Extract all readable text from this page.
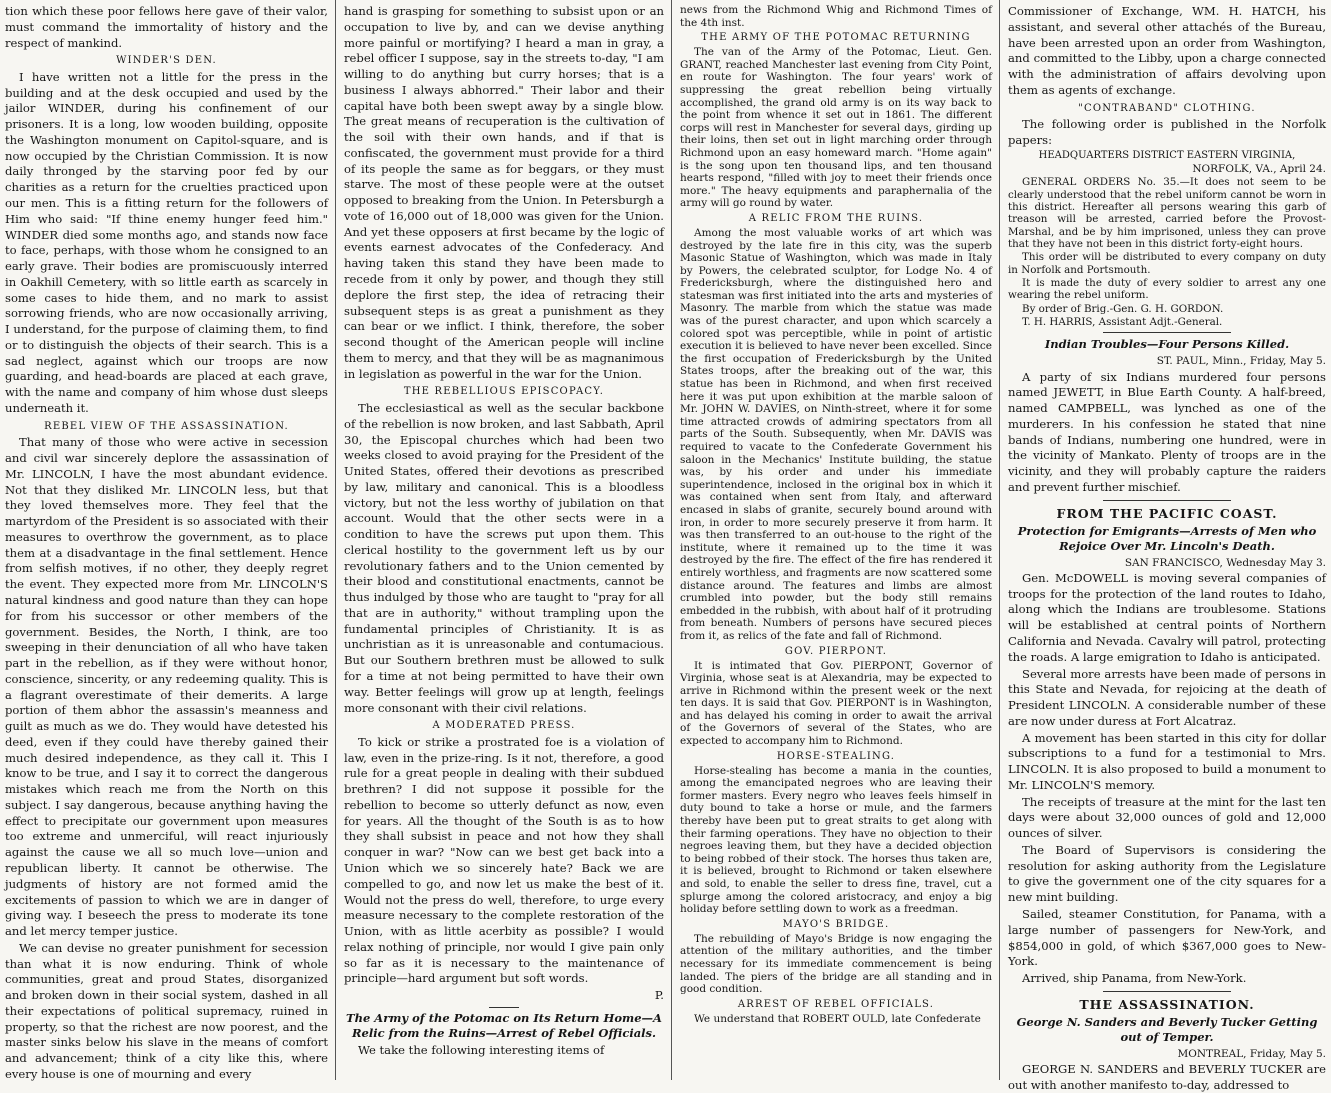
tion which these poor fellows here gave of their valor, must command the immortality of history and the respect of mankind.

WINDER'S DEN.

I have written not a little for the press in the building and at the desk occupied and used by the jailor WINDER, during his confinement of our prisoners. It is a long, low wooden building, opposite the Washington monument on Capitol-square, and is now occupied by the Christian Commission. It is now daily thronged by the starving poor fed by our charities as a return for the cruelties practiced upon our men. This is a fitting return for the followers of Him who said: "If thine enemy hunger feed him." WINDER died some months ago, and stands now face to face, perhaps, with those whom he consigned to an early grave. Their bodies are promiscuously interred in Oakhill Cemetery, with so little earth as scarcely in some cases to hide them, and no mark to assist sorrowing friends, who are now occasionally arriving, I understand, for the purpose of claiming them, to find or to distinguish the objects of their search. This is a sad neglect, against which our troops are now guarding, and head-boards are placed at each grave, with the name and company of him whose dust sleeps underneath it.

REBEL VIEW OF THE ASSASSINATION.

That many of those who were active in secession and civil war sincerely deplore the assassination of Mr. LINCOLN, I have the most abundant evidence. Not that they disliked Mr. LINCOLN less, but that they loved themselves more. They feel that the martyrdom of the President is so associated with their measures to overthrow the government, as to place them at a disadvantage in the final settlement. Hence from selfish motives, if no other, they deeply regret the event. They expected more from Mr. LINCOLN'S natural kindness and good nature than they can hope for from his successor or other members of the government. Besides, the North, I think, are too sweeping in their denunciation of all who have taken part in the rebellion, as if they were without honor, conscience, sincerity, or any redeeming quality. This is a flagrant overestimate of their demerits. A large portion of them abhor the assassin's meanness and guilt as much as we do. They would have detested his deed, even if they could have thereby gained their much desired independence, as they call it. This I know to be true, and I say it to correct the dangerous mistakes which reach me from the North on this subject. I say dangerous, because anything having the effect to precipitate our government upon measures too extreme and unmerciful, will react injuriously against the cause we all so much love—union and republican liberty. It cannot be otherwise. The judgments of history are not formed amid the excitements of passion to which we are in danger of giving way. I beseech the press to moderate its tone and let mercy temper justice.

We can devise no greater punishment for secession than what it is now enduring. Think of whole communities, great and proud States, disorganized and broken down in their social system, dashed in all their expectations of political supremacy, ruined in property, so that the richest are now poorest, and the master sinks below his slave in the means of comfort and advancement; think of a city like this, where every house is one of mourning and every

hand is grasping for something to subsist upon or an occupation to live by, and can we devise anything more painful or mortifying? I heard a man in gray, a rebel officer I suppose, say in the streets to-day, "I am willing to do anything but curry horses; that is a business I always abhorred." Their labor and their capital have both been swept away by a single blow. The great means of recuperation is the cultivation of the soil with their own hands, and if that is confiscated, the government must provide for a third of its people the same as for beggars, or they must starve. The most of these people were at the outset opposed to breaking from the Union. In Petersburgh a vote of 16,000 out of 18,000 was given for the Union. And yet these opposers at first became by the logic of events earnest advocates of the Confederacy. And having taken this stand they have been made to recede from it only by power, and though they still deplore the first step, the idea of retracing their subsequent steps is as great a punishment as they can bear or we inflict. I think, therefore, the sober second thought of the American people will incline them to mercy, and that they will be as magnanimous in legislation as powerful in the war for the Union.

THE REBELLIOUS EPISCOPACY.

The ecclesiastical as well as the secular backbone of the rebellion is now broken, and last Sabbath, April 30, the Episcopal churches which had been two weeks closed to avoid praying for the President of the United States, offered their devotions as prescribed by law, military and canonical. This is a bloodless victory, but not the less worthy of jubilation on that account. Would that the other sects were in a condition to have the screws put upon them. This clerical hostility to the government left us by our revolutionary fathers and to the Union cemented by their blood and constitutional enactments, cannot be thus indulged by those who are taught to "pray for all that are in authority," without trampling upon the fundamental principles of Christianity. It is as unchristian as it is unreasonable and contumacious. But our Southern brethren must be allowed to sulk for a time at not being permitted to have their own way. Better feelings will grow up at length, feelings more consonant with their civil relations.

A MODERATED PRESS.

To kick or strike a prostrated foe is a violation of law, even in the prize-ring. Is it not, therefore, a good rule for a great people in dealing with their subdued brethren? I did not suppose it possible for the rebellion to become so utterly defunct as now, even for years. All the thought of the South is as to how they shall subsist in peace and not how they shall conquer in war? "Now can we best get back into a Union which we so sincerely hate? Back we are compelled to go, and now let us make the best of it. Would not the press do well, therefore, to urge every measure necessary to the complete restoration of the Union, with as little acerbity as possible? I would relax nothing of principle, nor would I give pain only so far as it is necessary to the maintenance of principle—hard argument but soft words.

P.

The Army of the Potomac on Its Return Home—A Relic from the Ruins—Arrest of Rebel Officials.

We take the following interesting items of

news from the Richmond Whig and Richmond Times of the 4th inst.

THE ARMY OF THE POTOMAC RETURNING

The van of the Army of the Potomac, Lieut. Gen. GRANT, reached Manchester last evening from City Point, en route for Washington. The four years' work of suppressing the great rebellion being virtually accomplished, the grand old army is on its way back to the point from whence it set out in 1861. The different corps will rest in Manchester for several days, girding up their loins, then set out in light marching order through Richmond upon an easy homeward march. "Home again" is the song upon ten thousand lips, and ten thousand hearts respond, "filled with joy to meet their friends once more." The heavy equipments and paraphernalia of the army will go round by water.

A RELIC FROM THE RUINS.

Among the most valuable works of art which was destroyed by the late fire in this city, was the superb Masonic Statue of Washington, which was made in Italy by Powers, the celebrated sculptor, for Lodge No. 4 of Fredericksburgh, where the distinguished hero and statesman was first initiated into the arts and mysteries of Masonry. The marble from which the statue was made was of the purest character, and upon which scarcely a colored spot was perceptible, while in point of artistic execution it is believed to have never been excelled. Since the first occupation of Fredericksburgh by the United States troops, after the breaking out of the war, this statue has been in Richmond, and when first received here it was put upon exhibition at the marble saloon of Mr. JOHN W. DAVIES, on Ninth-street, where it for some time attracted crowds of admiring spectators from all parts of the South. Subsequently, when Mr. DAVIS was required to vacate to the Confederate Government his saloon in the Mechanics' Institute building, the statue was, by his order and under his immediate superintendence, inclosed in the original box in which it was contained when sent from Italy, and afterward encased in slabs of granite, securely bound around with iron, in order to more securely preserve it from harm. It was then transferred to an out-house to the right of the institute, where it remained up to the time it was destroyed by the fire. The effect of the fire has rendered it entirely worthless, and fragments are now scattered some distance around. The features and limbs are almost crumbled into powder, but the body still remains embedded in the rubbish, with about half of it protruding from beneath. Numbers of persons have secured pieces from it, as relics of the fate and fall of Richmond.

GOV. PIERPONT.

It is intimated that Gov. PIERPONT, Governor of Virginia, whose seat is at Alexandria, may be expected to arrive in Richmond within the present week or the next ten days. It is said that Gov. PIERPONT is in Washington, and has delayed his coming in order to await the arrival of the Governors of several of the States, who are expected to accompany him to Richmond.

HORSE-STEALING.

Horse-stealing has become a mania in the counties, among the emancipated negroes who are leaving their former masters. Every negro who leaves feels himself in duty bound to take a horse or mule, and the farmers thereby have been put to great straits to get along with their farming operations. They have no objection to their negroes leaving them, but they have a decided objection to being robbed of their stock. The horses thus taken are, it is believed, brought to Richmond or taken elsewhere and sold, to enable the seller to dress fine, travel, cut a splurge among the colored aristocracy, and enjoy a big holiday before settling down to work as a freedman.

MAYO'S BRIDGE.

The rebuilding of Mayo's Bridge is now engaging the attention of the military authorities, and the timber necessary for its immediate commencement is being landed. The piers of the bridge are all standing and in good condition.

ARREST OF REBEL OFFICIALS.

We understand that ROBERT OULD, late Confederate

Commissioner of Exchange, WM. H. HATCH, his assistant, and several other attachés of the Bureau, have been arrested upon an order from Washington, and committed to the Libby, upon a charge connected with the administration of affairs devolving upon them as agents of exchange.

"CONTRABAND" CLOTHING.

The following order is published in the Norfolk papers:

HEADQUARTERS DISTRICT EASTERN VIRGINIA,

NORFOLK, VA., April 24.

GENERAL ORDERS No. 35.—It does not seem to be clearly understood that the rebel uniform cannot be worn in this district. Hereafter all persons wearing this garb of treason will be arrested, carried before the Provost-Marshal, and be by him imprisoned, unless they can prove that they have not been in this district forty-eight hours.

This order will be distributed to every company on duty in Norfolk and Portsmouth.

It is made the duty of every soldier to arrest any one wearing the rebel uniform.

By order of Brig.-Gen. G. H. GORDON.

T. H. HARRIS, Assistant Adjt.-General.

Indian Troubles—Four Persons Killed.

ST. PAUL, Minn., Friday, May 5.

A party of six Indians murdered four persons named JEWETT, in Blue Earth County. A half-breed, named CAMPBELL, was lynched as one of the murderers. In his confession he stated that nine bands of Indians, numbering one hundred, were in the vicinity of Mankato. Plenty of troops are in the vicinity, and they will probably capture the raiders and prevent further mischief.

FROM THE PACIFIC COAST.
Protection for Emigrants—Arrests of Men who Rejoice Over Mr. Lincoln's Death.

SAN FRANCISCO, Wednesday May 3.

Gen. McDOWELL is moving several companies of troops for the protection of the land routes to Idaho, along which the Indians are troublesome. Stations will be established at central points of Northern California and Nevada. Cavalry will patrol, protecting the roads. A large emigration to Idaho is anticipated.

Several more arrests have been made of persons in this State and Nevada, for rejoicing at the death of President LINCOLN. A considerable number of these are now under duress at Fort Alcatraz.

A movement has been started in this city for dollar subscriptions to a fund for a testimonial to Mrs. LINCOLN. It is also proposed to build a monument to Mr. LINCOLN'S memory.

The receipts of treasure at the mint for the last ten days were about 32,000 ounces of gold and 12,000 ounces of silver.

The Board of Supervisors is considering the resolution for asking authority from the Legislature to give the government one of the city squares for a new mint building.

Sailed, steamer Constitution, for Panama, with a large number of passengers for New-York, and $854,000 in gold, of which $367,000 goes to New-York.

Arrived, ship Panama, from New-York.

THE ASSASSINATION.
George N. Sanders and Beverly Tucker Getting out of Temper.

MONTREAL, Friday, May 5.

GEORGE N. SANDERS and BEVERLY TUCKER are out with another manifesto to-day, addressed to
